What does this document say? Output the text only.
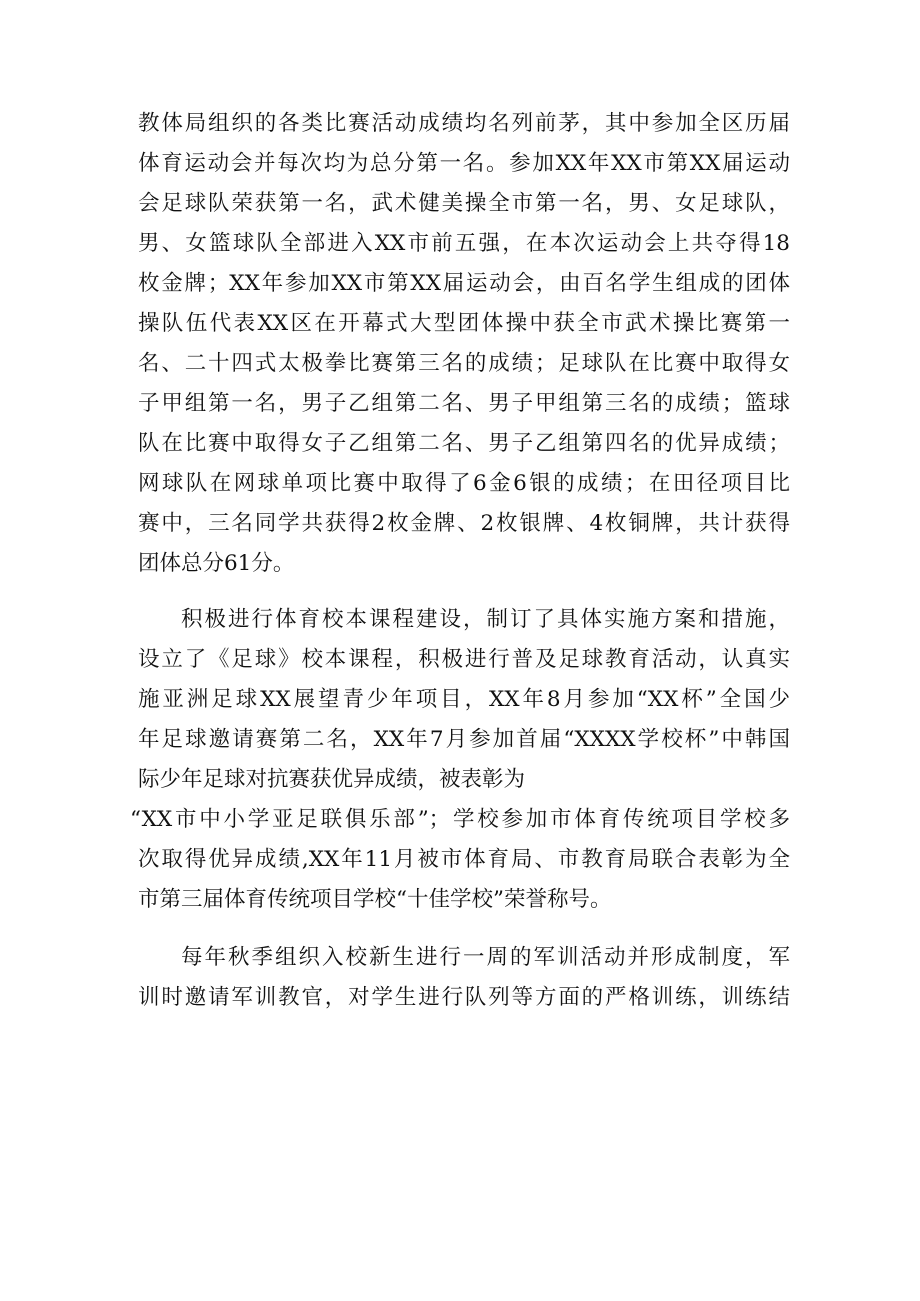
教体局组织的各类比赛活动成绩均名列前茅，其中参加全区历届
体育运动会并每次均为总分第一名。参加XX年XX市第XX届运动
会足球队荣获第一名，武术健美操全市第一名，男、女足球队，
男、女篮球队全部进入XX市前五强，在本次运动会上共夺得18
枚金牌；XX年参加XX市第XX届运动会，由百名学生组成的团体
操队伍代表XX区在开幕式大型团体操中获全市武术操比赛第一
名、二十四式太极拳比赛第三名的成绩；足球队在比赛中取得女
子甲组第一名，男子乙组第二名、男子甲组第三名的成绩；篮球
队在比赛中取得女子乙组第二名、男子乙组第四名的优异成绩；
网球队在网球单项比赛中取得了6金6银的成绩；在田径项目比
赛中，三名同学共获得2枚金牌、2枚银牌、4枚铜牌，共计获得
团体总分61分。
积极进行体育校本课程建设，制订了具体实施方案和措施，
设立了《足球》校本课程，积极进行普及足球教育活动，认真实
施亚洲足球XX展望青少年项目，XX年8月参加“XX杯”全国少
年足球邀请赛第二名，XX年7月参加首届“XXXX学校杯”中韩国
际少年足球对抗赛获优异成绩，被表彰为
“XX市中小学亚足联俱乐部”；学校参加市体育传统项目学校多
次取得优异成绩,XX年11月被市体育局、市教育局联合表彰为全
市第三届体育传统项目学校“十佳学校”荣誉称号。
每年秋季组织入校新生进行一周的军训活动并形成制度，军
训时邀请军训教官，对学生进行队列等方面的严格训练，训练结
